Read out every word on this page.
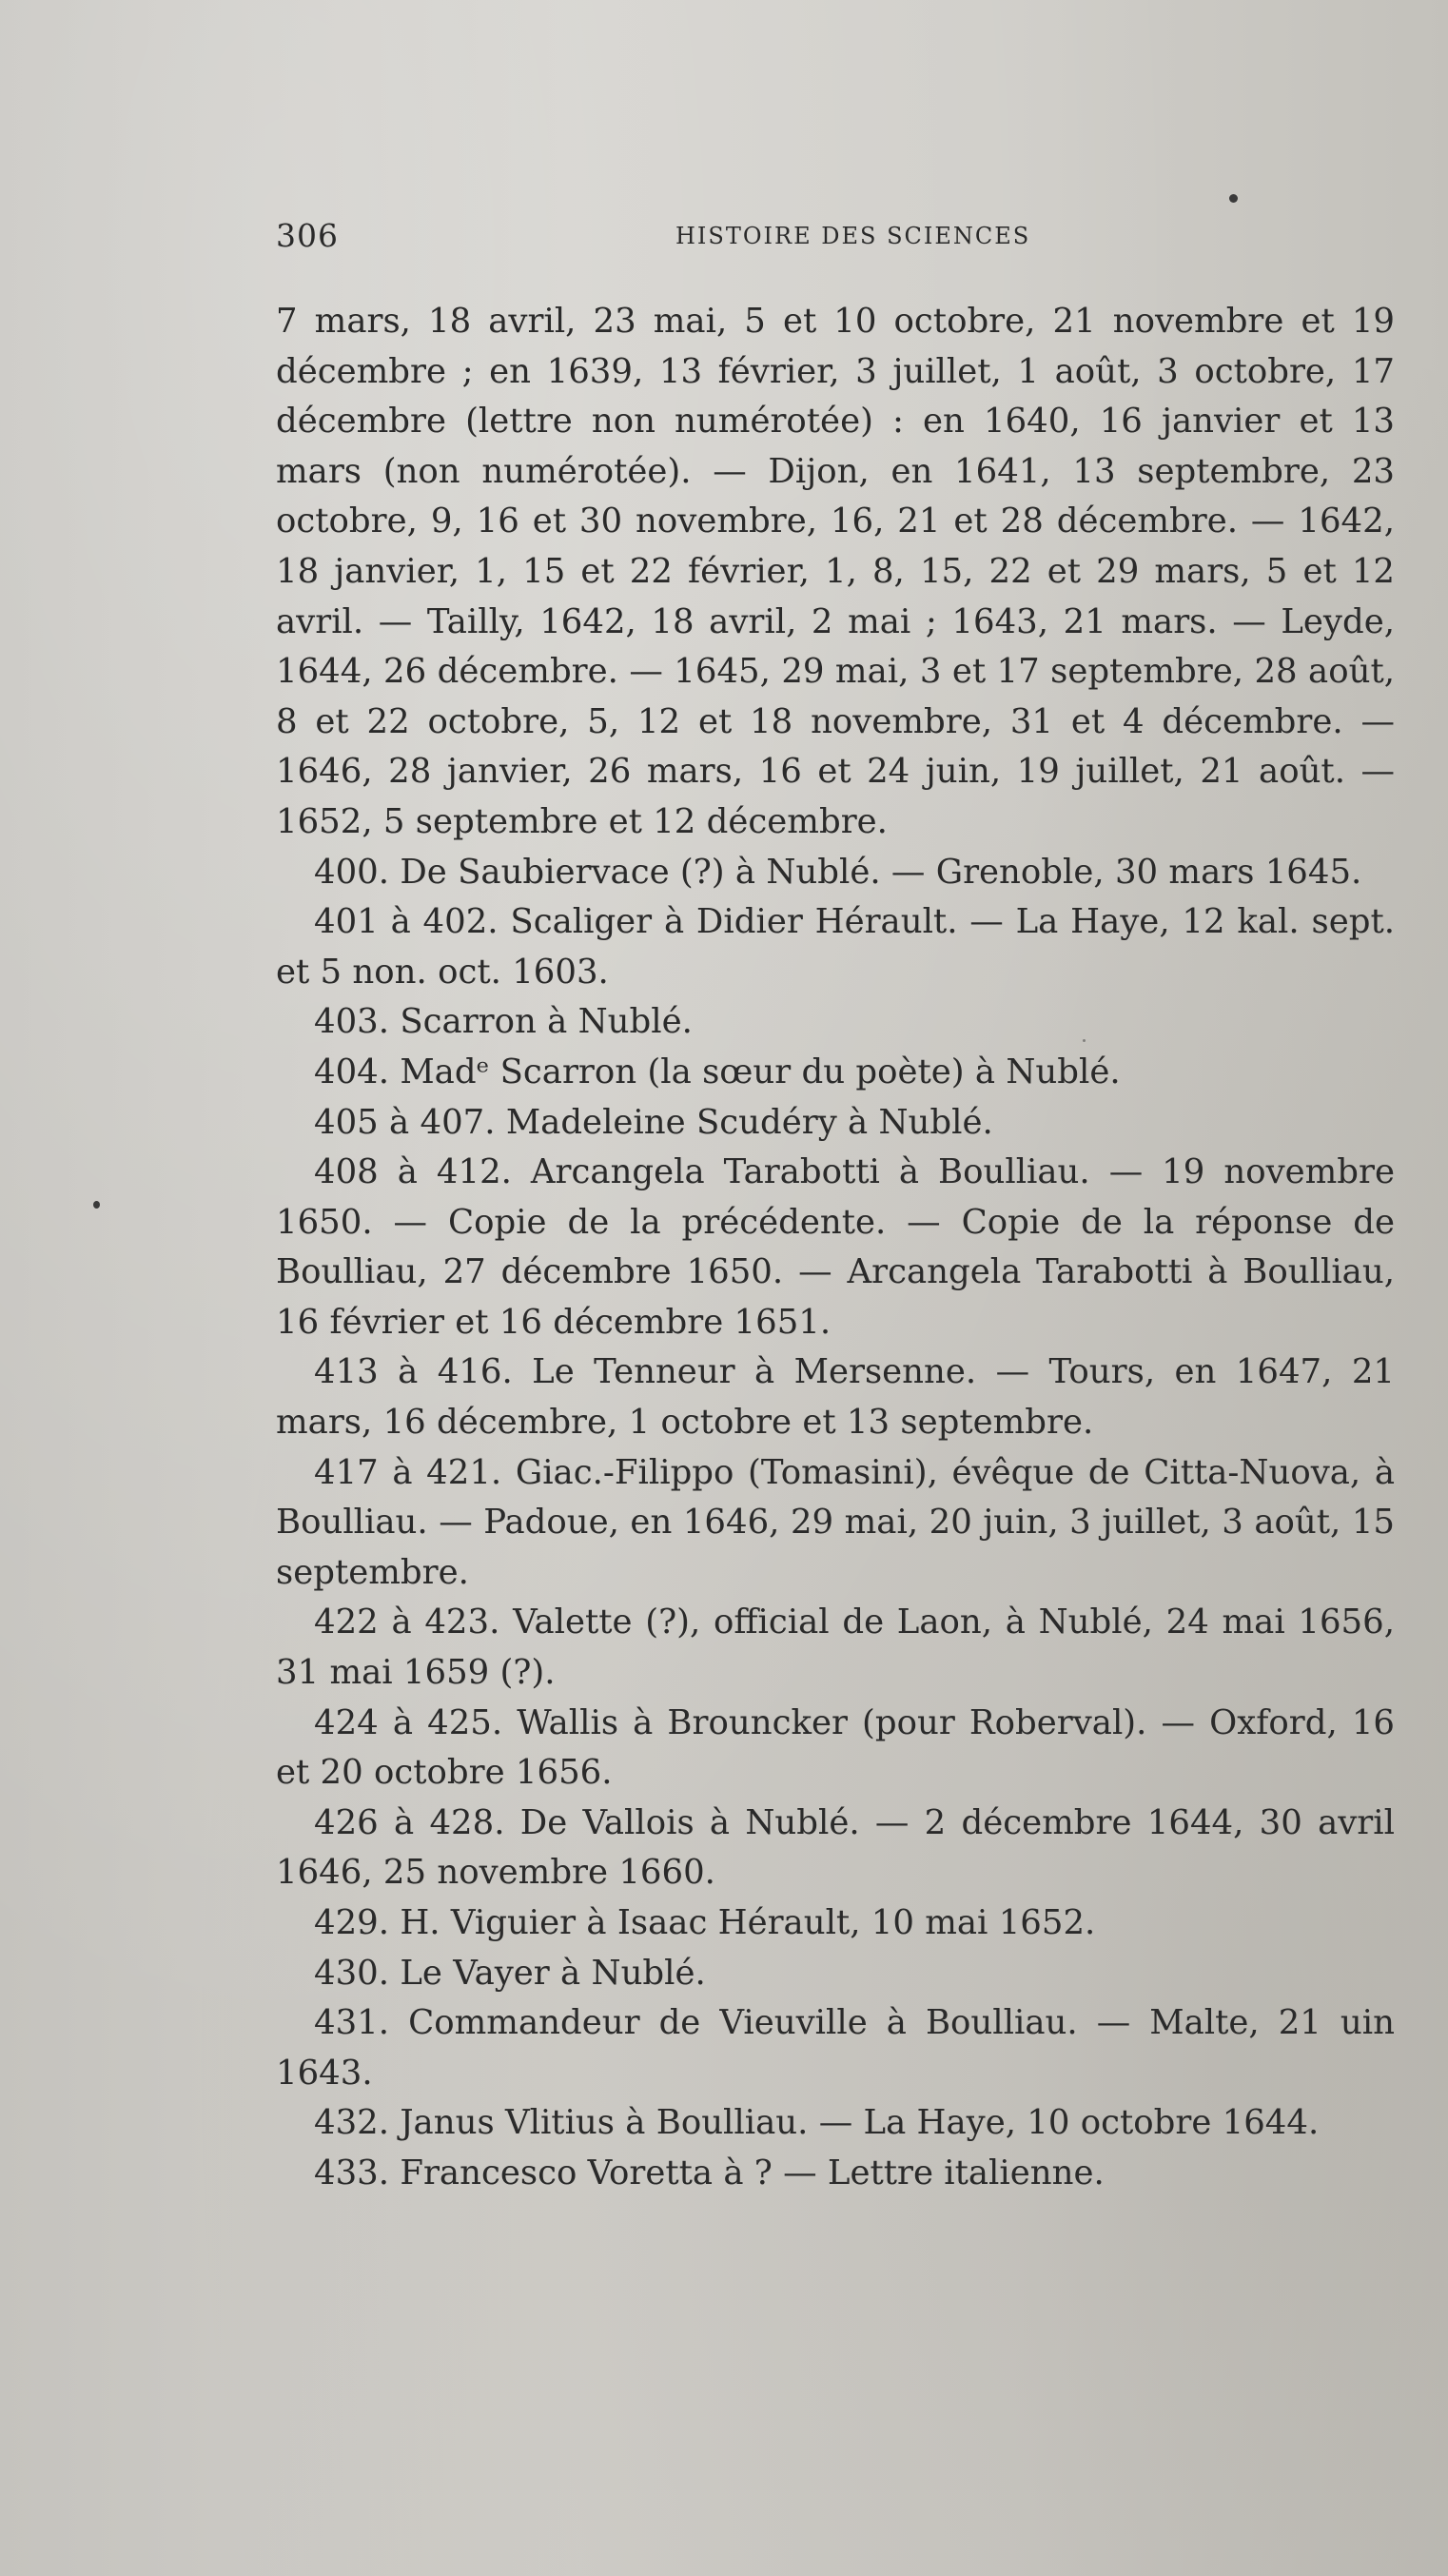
306	HISTOIRE DES SCIENCES

7 mars, 18 avril, 23 mai, 5 et 10 octobre, 21 novembre et 19 décembre ; en 1639, 13 février, 3 juillet, 1 août, 3 octobre, 17 décembre (lettre non numérotée) : en 1640, 16 janvier et 13 mars (non numérotée). — Dijon, en 1641, 13 septembre, 23 octobre, 9, 16 et 30 novembre, 16, 21 et 28 décembre. — 1642, 18 janvier, 1, 15 et 22 février, 1, 8, 15, 22 et 29 mars, 5 et 12 avril. — Tailly, 1642, 18 avril, 2 mai ; 1643, 21 mars. — Leyde, 1644, 26 décembre. — 1645, 29 mai, 3 et 17 septembre, 28 août, 8 et 22 octobre, 5, 12 et 18 novembre, 31 et 4 décembre. — 1646, 28 janvier, 26 mars, 16 et 24 juin, 19 juillet, 21 août. — 1652, 5 septembre et 12 décembre.

400. De Saubiervace (?) à Nublé. — Grenoble, 30 mars 1645.

401 à 402. Scaliger à Didier Hérault. — La Haye, 12 kal. sept. et 5 non. oct. 1603.

403. Scarron à Nublé.

404. Madᵉ Scarron (la sœur du poète) à Nublé.

405 à 407. Madeleine Scudéry à Nublé.

408 à 412. Arcangela Tarabotti à Boulliau. — 19 novembre 1650. — Copie de la précédente. — Copie de la réponse de Boulliau, 27 décembre 1650. — Arcangela Tarabotti à Boulliau, 16 février et 16 décembre 1651.

413 à 416. Le Tenneur à Mersenne. — Tours, en 1647, 21 mars, 16 décembre, 1 octobre et 13 septembre.

417 à 421. Giac.-Filippo (Tomasini), évêque de Citta-Nuova, à Boulliau. — Padoue, en 1646, 29 mai, 20 juin, 3 juillet, 3 août, 15 septembre.

422 à 423. Valette (?), official de Laon, à Nublé, 24 mai 1656, 31 mai 1659 (?).

424 à 425. Wallis à Brouncker (pour Roberval). — Oxford, 16 et 20 octobre 1656.

426 à 428. De Vallois à Nublé. — 2 décembre 1644, 30 avril 1646, 25 novembre 1660.

429. H. Viguier à Isaac Hérault, 10 mai 1652.

430. Le Vayer à Nublé.

431. Commandeur de Vieuville à Boulliau. — Malte, 21 uin 1643.

432. Janus Vlitius à Boulliau. — La Haye, 10 octobre 1644.

433. Francesco Voretta à ? — Lettre italienne.
